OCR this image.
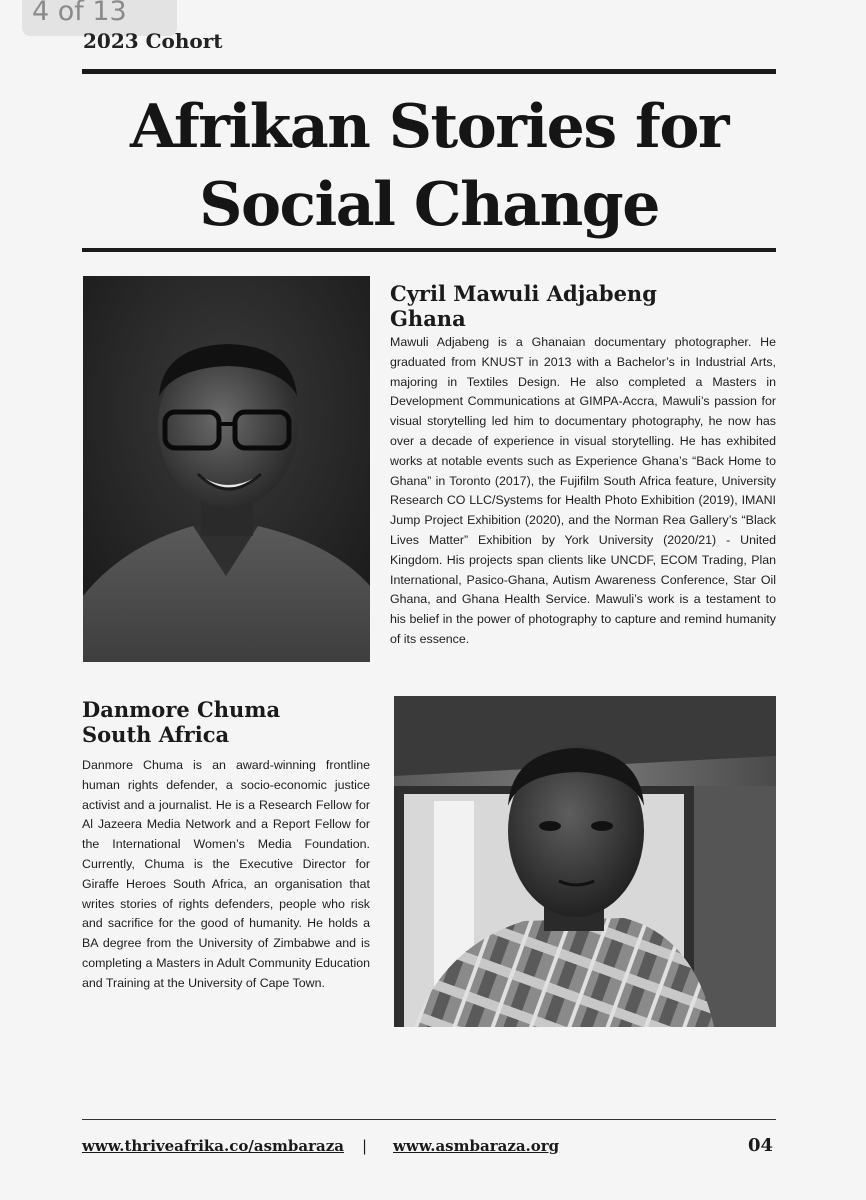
4 of 13
2023 Cohort
Afrikan Stories for
Social Change
Cyril Mawuli Adjabeng
Ghana

Mawuli Adjabeng is a Ghanaian documentary photographer. He graduated from KNUST in 2013 with a Bachelor’s in Industrial Arts, majoring in Textiles Design. He also completed a Masters in Development Communications at GIMPA-Accra, Mawuli’s passion for visual storytelling led him to documentary photography, he now has over a decade of experience in visual storytelling. He has exhibited works at notable events such as Experience Ghana’s “Back Home to Ghana” in Toronto (2017), the Fujifilm South Africa feature, University Research CO LLC/Systems for Health Photo Exhibition (2019), IMANI Jump Project Exhibition (2020), and the Norman Rea Gallery’s “Black Lives Matter” Exhibition by York University (2020/21) - United Kingdom. His projects span clients like UNCDF, ECOM Trading, Plan International, Pasico-Ghana, Autism Awareness Conference, Star Oil Ghana, and Ghana Health Service. Mawuli’s work is a testament to his belief in the power of photography to capture and remind humanity of its essence.

Danmore Chuma
South Africa

Danmore Chuma is an award-winning frontline human rights defender, a socio-economic justice activist and a journalist. He is a Research Fellow for Al Jazeera Media Network and a Report Fellow for the International Women’s Media Foundation. Currently, Chuma is the Executive Director for Giraffe Heroes South Africa, an organisation that writes stories of rights defenders, people who risk and sacrifice for the good of humanity. He holds a BA degree from the University of Zimbabwe and is completing a Masters in Adult Community Education and Training at the University of Cape Town.

www.thriveafrika.co/asmbaraza | www.asmbaraza.org	04
